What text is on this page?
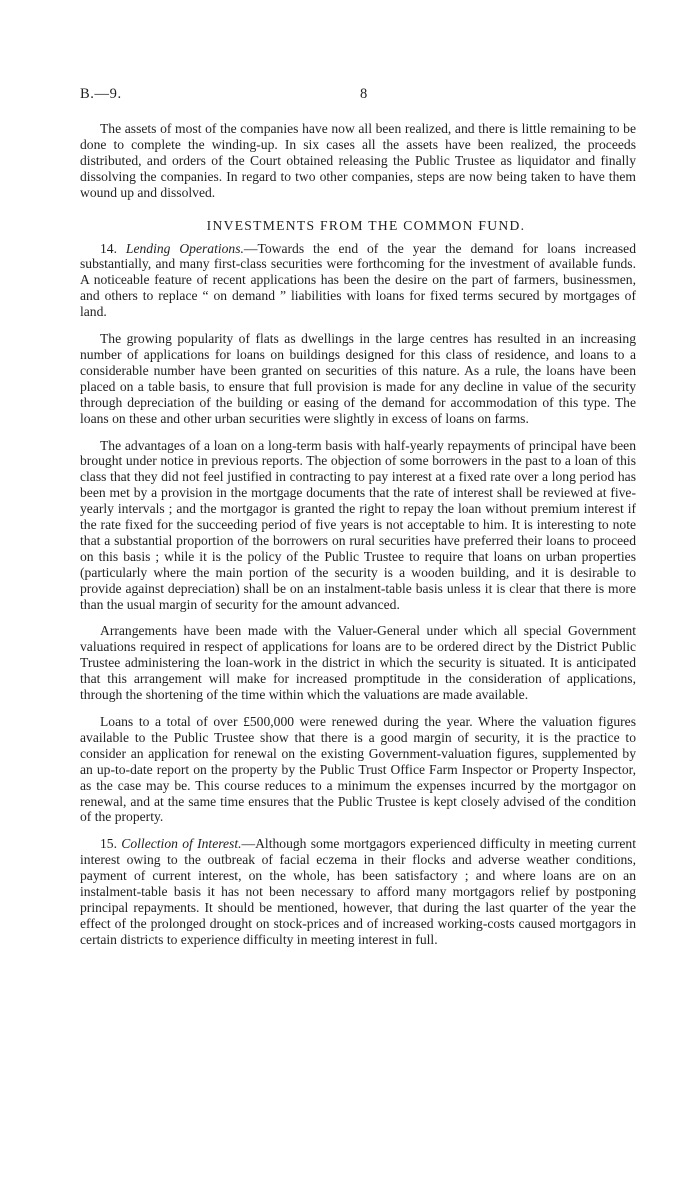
B.—9.	8

The assets of most of the companies have now all been realized, and there is little remaining to be done to complete the winding-up. In six cases all the assets have been realized, the proceeds distributed, and orders of the Court obtained releasing the Public Trustee as liquidator and finally dissolving the companies. In regard to two other companies, steps are now being taken to have them wound up and dissolved.

INVESTMENTS FROM THE COMMON FUND.

14. Lending Operations.—Towards the end of the year the demand for loans increased substantially, and many first-class securities were forthcoming for the investment of available funds. A noticeable feature of recent applications has been the desire on the part of farmers, businessmen, and others to replace “ on demand ” liabilities with loans for fixed terms secured by mortgages of land.

The growing popularity of flats as dwellings in the large centres has resulted in an increasing number of applications for loans on buildings designed for this class of residence, and loans to a considerable number have been granted on securities of this nature. As a rule, the loans have been placed on a table basis, to ensure that full provision is made for any decline in value of the security through depreciation of the building or easing of the demand for accommodation of this type. The loans on these and other urban securities were slightly in excess of loans on farms.

The advantages of a loan on a long-term basis with half-yearly repayments of principal have been brought under notice in previous reports. The objection of some borrowers in the past to a loan of this class that they did not feel justified in contracting to pay interest at a fixed rate over a long period has been met by a provision in the mortgage documents that the rate of interest shall be reviewed at five-yearly intervals ; and the mortgagor is granted the right to repay the loan without premium interest if the rate fixed for the succeeding period of five years is not acceptable to him. It is interesting to note that a substantial proportion of the borrowers on rural securities have preferred their loans to proceed on this basis ; while it is the policy of the Public Trustee to require that loans on urban properties (particularly where the main portion of the security is a wooden building, and it is desirable to provide against depreciation) shall be on an instalment-table basis unless it is clear that there is more than the usual margin of security for the amount advanced.

Arrangements have been made with the Valuer-General under which all special Government valuations required in respect of applications for loans are to be ordered direct by the District Public Trustee administering the loan-work in the district in which the security is situated. It is anticipated that this arrangement will make for increased promptitude in the consideration of applications, through the shortening of the time within which the valuations are made available.

Loans to a total of over £500,000 were renewed during the year. Where the valuation figures available to the Public Trustee show that there is a good margin of security, it is the practice to consider an application for renewal on the existing Government-valuation figures, supplemented by an up-to-date report on the property by the Public Trust Office Farm Inspector or Property Inspector, as the case may be. This course reduces to a minimum the expenses incurred by the mortgagor on renewal, and at the same time ensures that the Public Trustee is kept closely advised of the condition of the property.

15. Collection of Interest.—Although some mortgagors experienced difficulty in meeting current interest owing to the outbreak of facial eczema in their flocks and adverse weather conditions, payment of current interest, on the whole, has been satisfactory ; and where loans are on an instalment-table basis it has not been necessary to afford many mortgagors relief by postponing principal repayments. It should be mentioned, however, that during the last quarter of the year the effect of the prolonged drought on stock-prices and of increased working-costs caused mortgagors in certain districts to experience difficulty in meeting interest in full.
